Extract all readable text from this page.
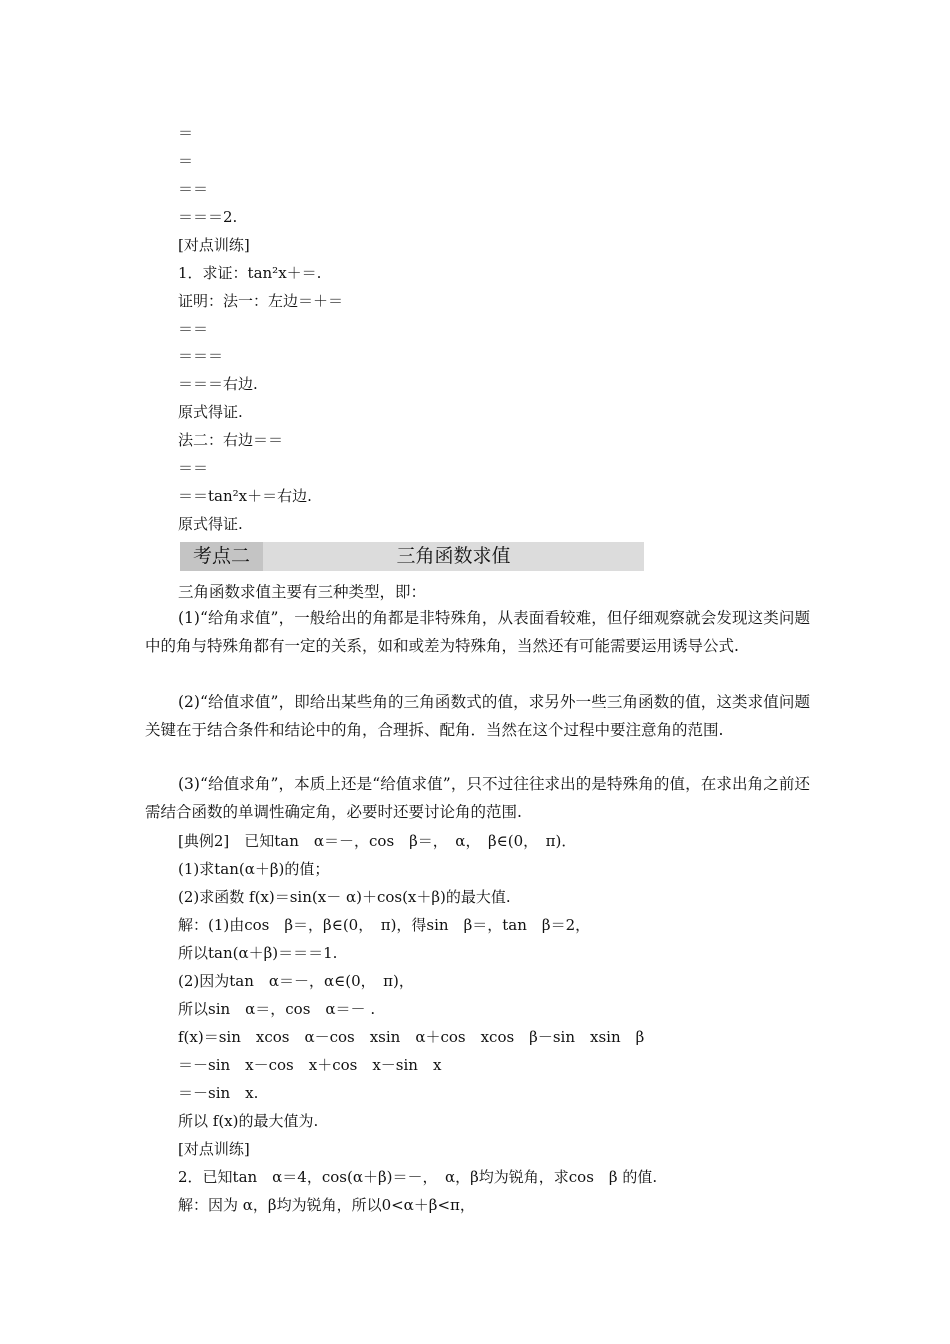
＝
＝
＝＝
＝＝＝2.
[对点训练]
1．求证：tan²x＋＝.
证明：法一：左边＝＋＝
＝＝
＝＝＝
＝＝＝右边.
原式得证.
法二：右边＝＝
＝＝
＝＝tan²x＋＝右边.
原式得证.
考点二	三角函数求值
三角函数求值主要有三种类型，即：
(1)“给角求值”，一般给出的角都是非特殊角，从表面看较难，但仔细观察就会发现这类问题中的角与特殊角都有一定的关系，如和或差为特殊角，当然还有可能需要运用诱导公式.
(2)“给值求值”，即给出某些角的三角函数式的值，求另外一些三角函数的值，这类求值问题关键在于结合条件和结论中的角，合理拆、配角．当然在这个过程中要注意角的范围.
(3)“给值求角”，本质上还是“给值求值”，只不过往往求出的是特殊角的值，在求出角之前还需结合函数的单调性确定角，必要时还要讨论角的范围.
[典例2]　已知tan　α＝－，cos　β＝，　α，　β∈(0，　π)．
(1)求tan(α＋β)的值；
(2)求函数 f(x)＝sin(x－ α)＋cos(x＋β)的最大值.
解：(1)由cos　β＝，β∈(0，　π)，得sin　β＝，tan　β＝2，
所以tan(α＋β)＝＝＝1.
(2)因为tan　α＝－，α∈(0，　π)，
所以sin　α＝，cos　α＝－ .
f(x)＝sin　xcos　α－cos　xsin　α＋cos　xcos　β－sin　xsin　β
＝－sin　x－cos　x＋cos　x－sin　x
＝－sin　x.
所以 f(x)的最大值为.
[对点训练]
2．已知tan　α＝4，cos(α＋β)＝－，　α，β均为锐角，求cos　β 的值.
解：因为 α，β均为锐角，所以0<α＋β<π，
